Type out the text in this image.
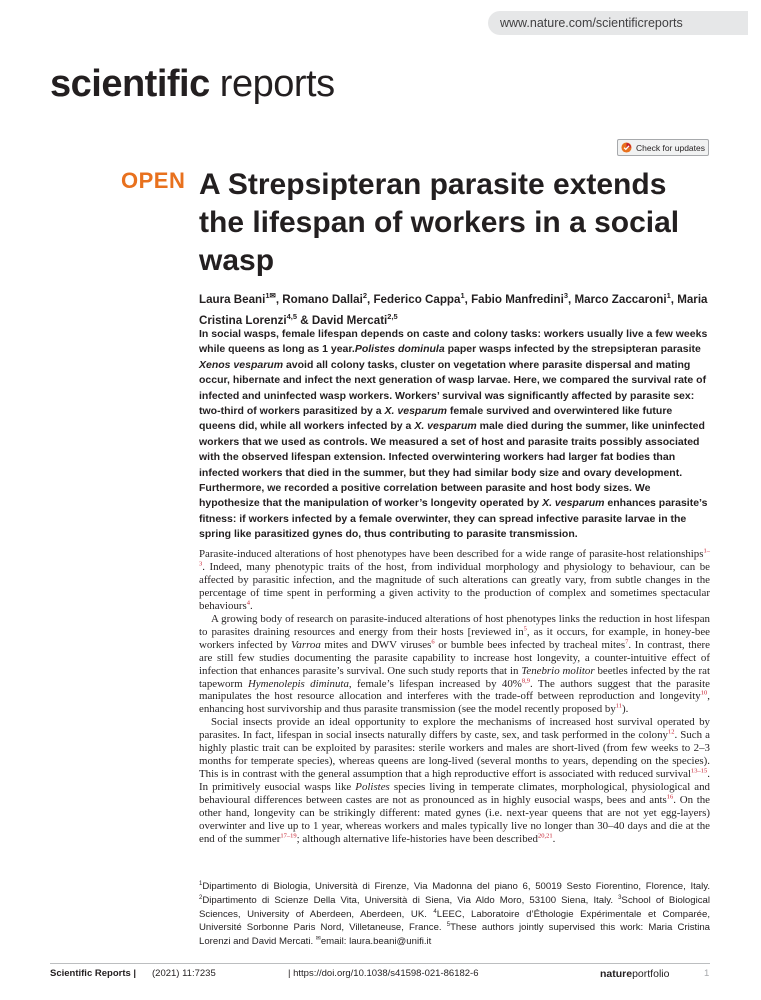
www.nature.com/scientificreports
scientific reports
Check for updates
OPEN A Strepsipteran parasite extends the lifespan of workers in a social wasp
Laura Beani$^{1✉}$, Romano Dallai$^2$, Federico Cappa$^1$, Fabio Manfredini$^3$, Marco Zaccaroni$^1$, Maria Cristina Lorenzi$^{4,5}$ & David Mercati$^{2,5}$

In social wasps, female lifespan depends on caste and colony tasks: workers usually live a few weeks while queens as long as 1 year.Polistes dominula paper wasps infected by the strepsipteran parasite Xenos vesparum avoid all colony tasks, cluster on vegetation where parasite dispersal and mating occur, hibernate and infect the next generation of wasp larvae. Here, we compared the survival rate of infected and uninfected wasp workers. Workers’ survival was significantly affected by parasite sex: two-third of workers parasitized by a X. vesparum female survived and overwintered like future queens did, while all workers infected by a X. vesparum male died during the summer, like uninfected workers that we used as controls. We measured a set of host and parasite traits possibly associated with the observed lifespan extension. Infected overwintering workers had larger fat bodies than infected workers that died in the summer, but they had similar body size and ovary development. Furthermore, we recorded a positive correlation between parasite and host body sizes. We hypothesize that the manipulation of worker’s longevity operated by X. vesparum enhances parasite’s fitness: if workers infected by a female overwinter, they can spread infective parasite larvae in the spring like parasitized gynes do, thus contributing to parasite transmission.

Parasite-induced alterations of host phenotypes have been described for a wide range of parasite-host relationships$^{1-3}$. Indeed, many phenotypic traits of the host, from individual morphology and physiology to behaviour, can be affected by parasitic infection, and the magnitude of such alterations can greatly vary, from subtle changes in the percentage of time spent in performing a given activity to the production of complex and sometimes spectacular behaviours$^4$.

A growing body of research on parasite-induced alterations of host phenotypes links the reduction in host lifespan to parasites draining resources and energy from their hosts [reviewed $in^5$, as it occurs, for example, in honey-bee workers infected by Varroa mites and DWV viruses$^6$ or bumble bees infected by tracheal mites$^7$. In contrast, there are still few studies documenting the parasite capability to increase host longevity, a counter-intuitive effect of infection that enhances parasite’s survival. One such study reports that in Tenebrio molitor beetles infected by the rat tapeworm Hymenolepis diminuta, female’s lifespan increased by 40%$^{8,9}$. The authors suggest that the parasite manipulates the host resource allocation and interferes with the trade-off between reproduction and longevity$^{10}$, enhancing host survivorship and thus parasite transmission (see the model recently proposed $by^{11}$).

Social insects provide an ideal opportunity to explore the mechanisms of increased host survival operated by parasites. In fact, lifespan in social insects naturally differs by caste, sex, and task performed in the colony$^{12}$. Such a highly plastic trait can be exploited by parasites: sterile workers and males are short-lived (from few weeks to 2–3 months for temperate species), whereas queens are long-lived (several months to years, depending on the species). This is in contrast with the general assumption that a high reproductive effort is associated with reduced survival$^{13-15}$. In primitively eusocial wasps like Polistes species living in temperate climates, morphological, physiological and behavioural differences between castes are not as pronounced as in highly eusocial wasps, bees and ants$^{16}$. On the other hand, longevity can be strikingly different: mated gynes (i.e. next-year queens that are not yet egg-layers) overwinter and live up to 1 year, whereas workers and males typically live no longer than 30–40 days and die at the end of the summer$^{17-19}$; although alternative life-histories have been described$^{20,21}$.

$^1$Dipartimento di Biologia, Università di Firenze, Via Madonna del piano 6, 50019 Sesto Fiorentino, Florence, Italy. $^2$Dipartimento di Scienze Della Vita, Università di Siena, Via Aldo Moro, 53100 Siena, Italy. $^3$School of Biological Sciences, University of Aberdeen, Aberdeen, UK. $^4$LEEC, Laboratoire d’Éthologie Expérimentale et Comparée, Université Sorbonne Paris Nord, Villetaneuse, France. $^5$These authors jointly supervised this work: Maria Cristina Lorenzi and David Mercati. ✉email: laura.beani@unifi.it
Scientific Reports | (2021) 11:7235	| https://doi.org/10.1038/s41598-021-86182-6	natureportfolio	1
